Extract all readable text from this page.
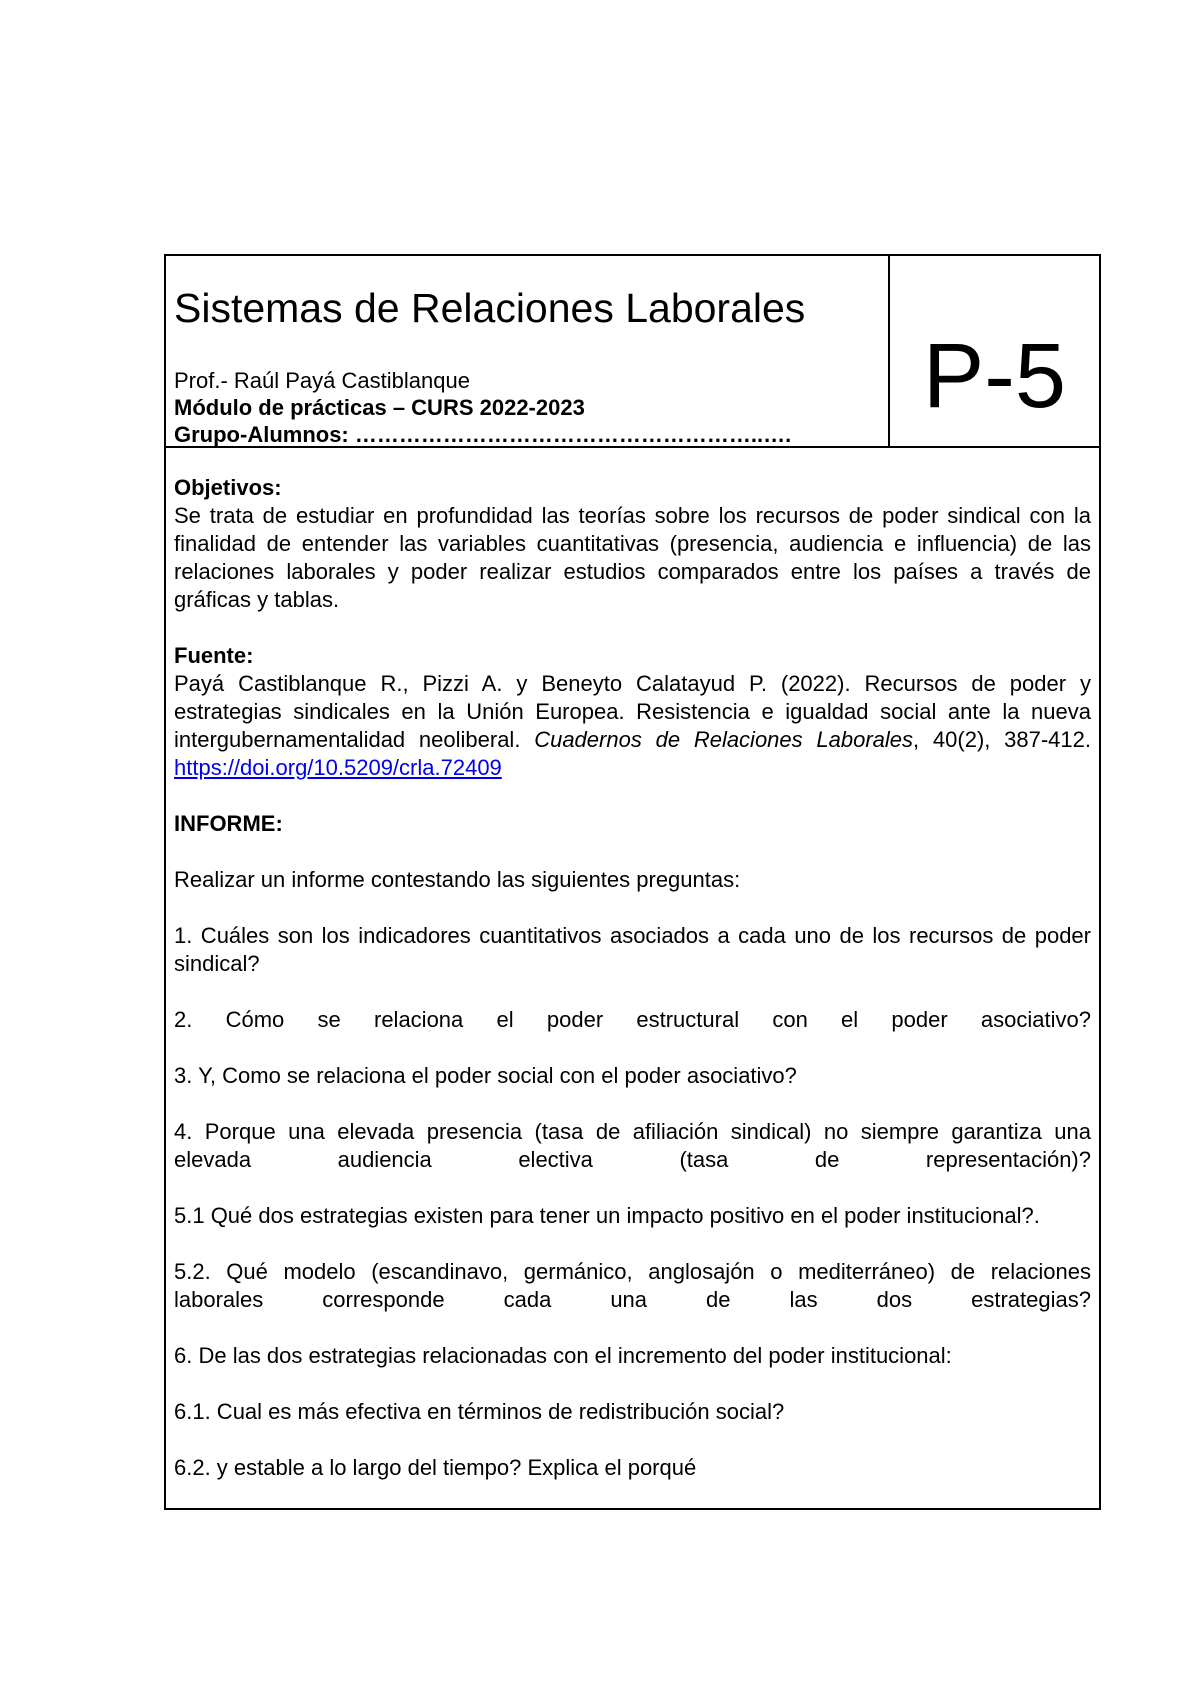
Sistemas de Relaciones Laborales
Prof.- Raúl Payá Castiblanque
Módulo de prácticas – CURS 2022-2023
Grupo-Alumnos: ………………………………………………..….
P-5

Objetivos:

Se trata de estudiar en profundidad las teorías sobre los recursos de poder sindical con la finalidad de entender las variables cuantitativas (presencia, audiencia e influencia) de las relaciones laborales y poder realizar estudios comparados entre los países a través de gráficas y tablas.

Fuente:

Payá Castiblanque R., Pizzi A. y Beneyto Calatayud P. (2022). Recursos de poder y estrategias sindicales en la Unión Europea. Resistencia e igualdad social ante la nueva intergubernamentalidad neoliberal. Cuadernos de Relaciones Laborales, 40(2), 387-412. https://doi.org/10.5209/crla.72409

INFORME:

Realizar un informe contestando las siguientes preguntas:

1. Cuáles son los indicadores cuantitativos asociados a cada uno de los recursos de poder sindical?

2. Cómo se relaciona el poder estructural con el poder asociativo?

3. Y, Como se relaciona el poder social con el poder asociativo?

4. Porque una elevada presencia (tasa de afiliación sindical) no siempre garantiza una elevada audiencia electiva (tasa de representación)?

5.1 Qué dos estrategias existen para tener un impacto positivo en el poder institucional?.

5.2. Qué modelo (escandinavo, germánico, anglosajón o mediterráneo) de relaciones laborales corresponde cada una de las dos estrategias?

6. De las dos estrategias relacionadas con el incremento del poder institucional:

6.1. Cual es más efectiva en términos de redistribución social?

6.2. y estable a lo largo del tiempo? Explica el porqué
